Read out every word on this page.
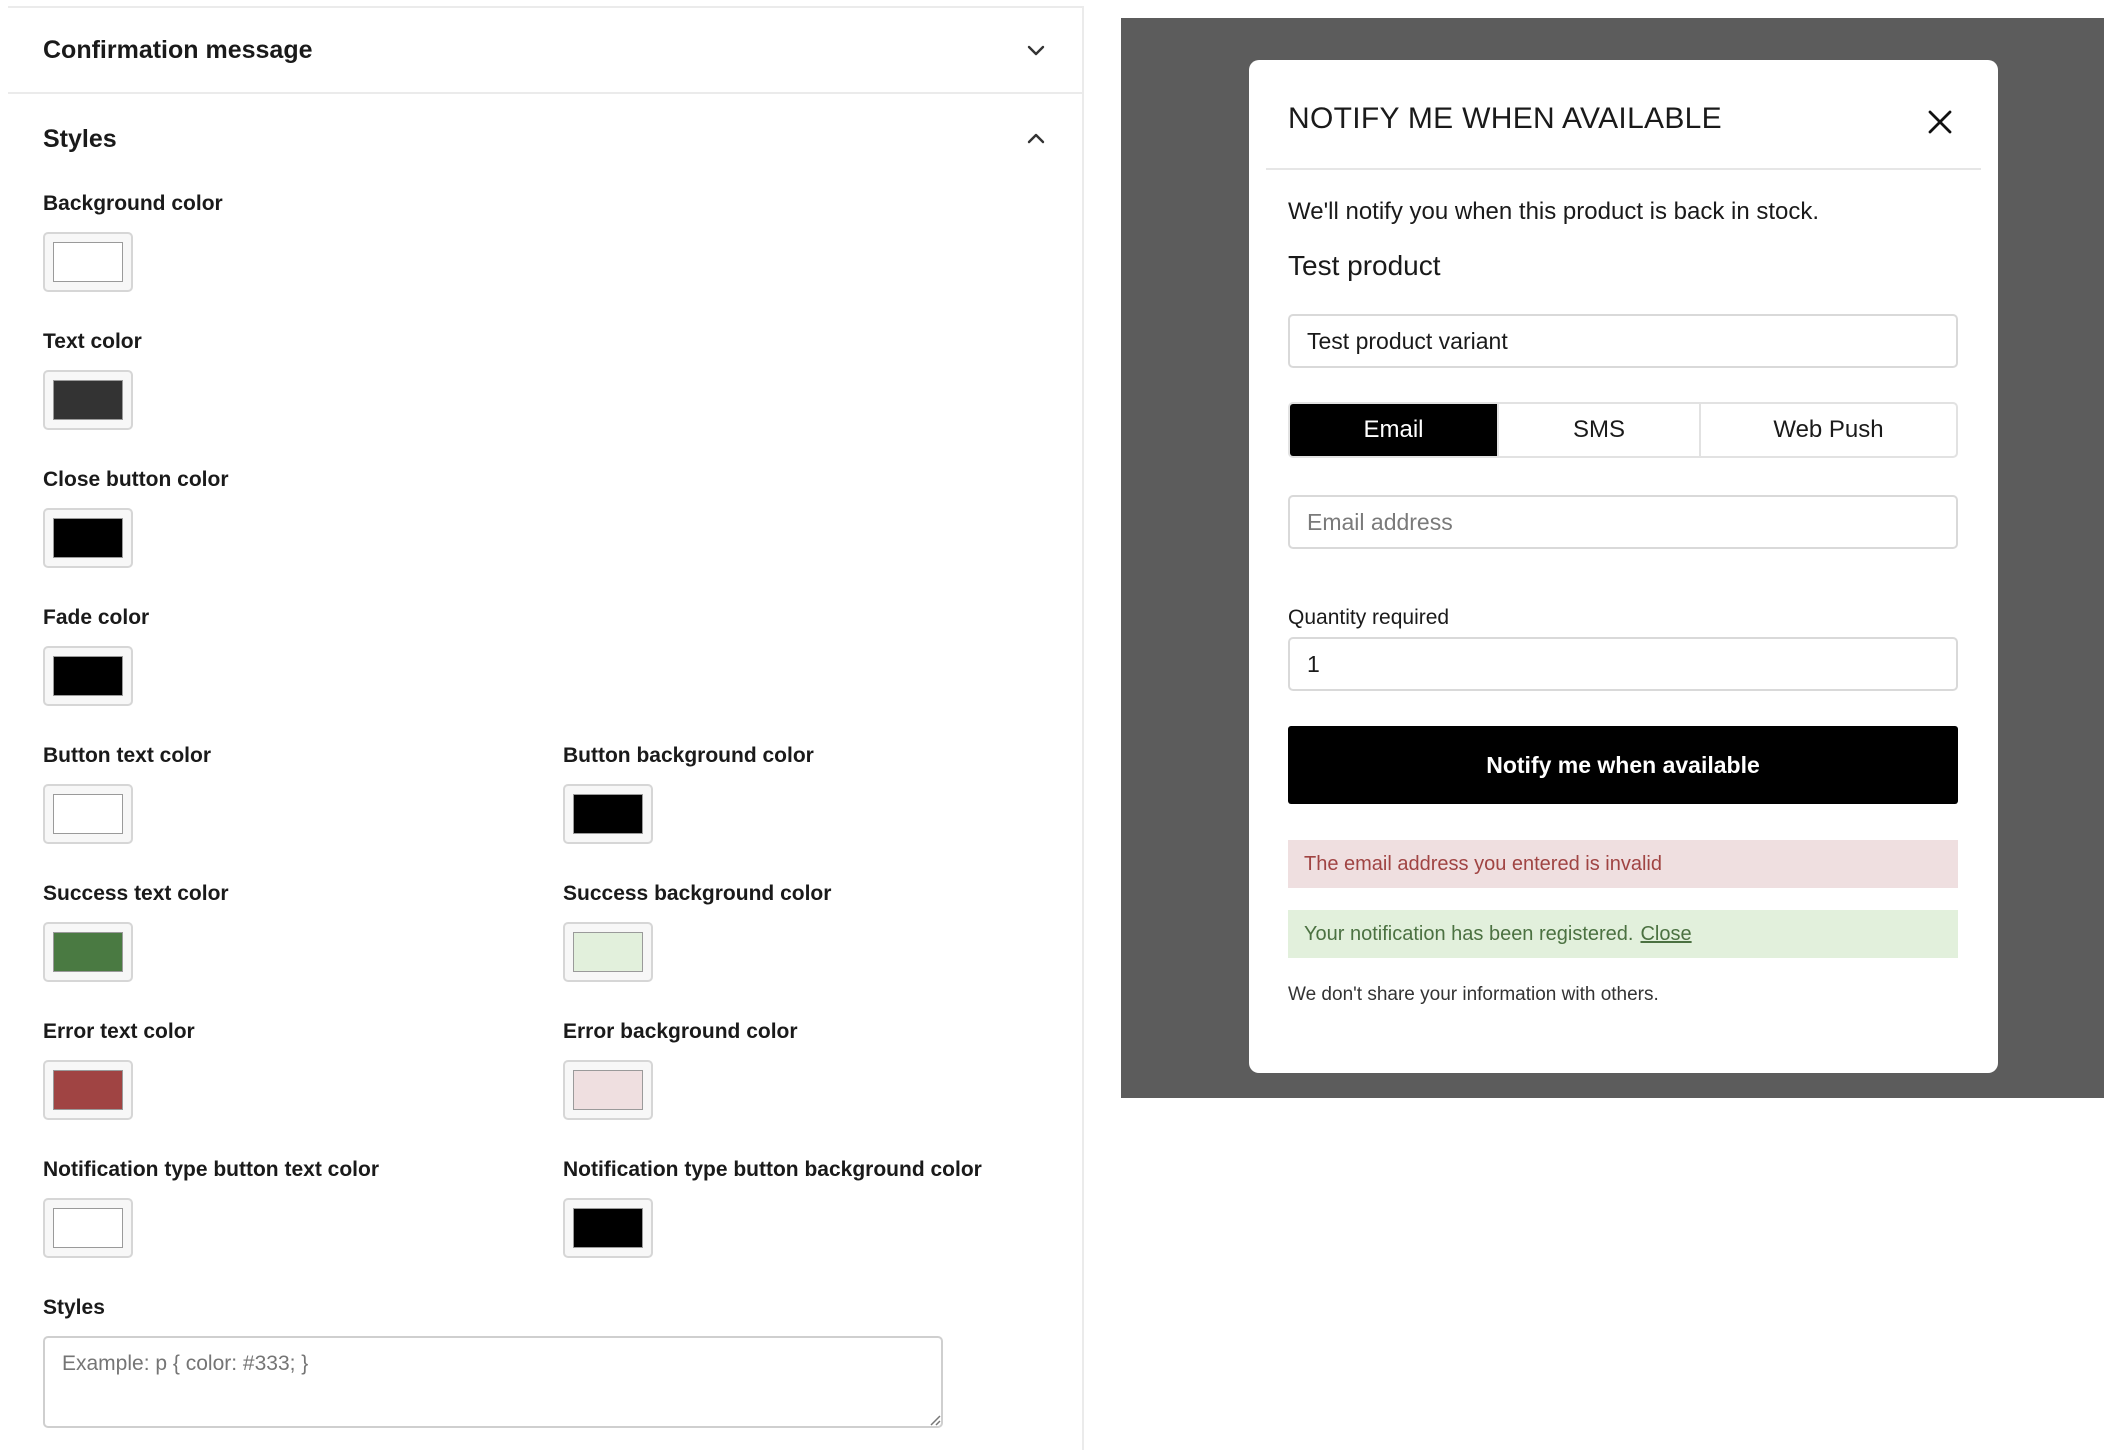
Confirmation message
Styles
Background color
Text color
Close button color
Fade color
Button text color	Button background color
Success text color	Success background color
Error text color	Error background color
Notification type button text color	Notification type button background color
Styles
Example: p { color: #333; }
NOTIFY ME WHEN AVAILABLE
We'll notify you when this product is back in stock.
Test product
Test product variant
Email	SMS	Web Push
Email address
Quantity required
1
Notify me when available
The email address you entered is invalid
Your notification has been registered. Close
We don't share your information with others.
